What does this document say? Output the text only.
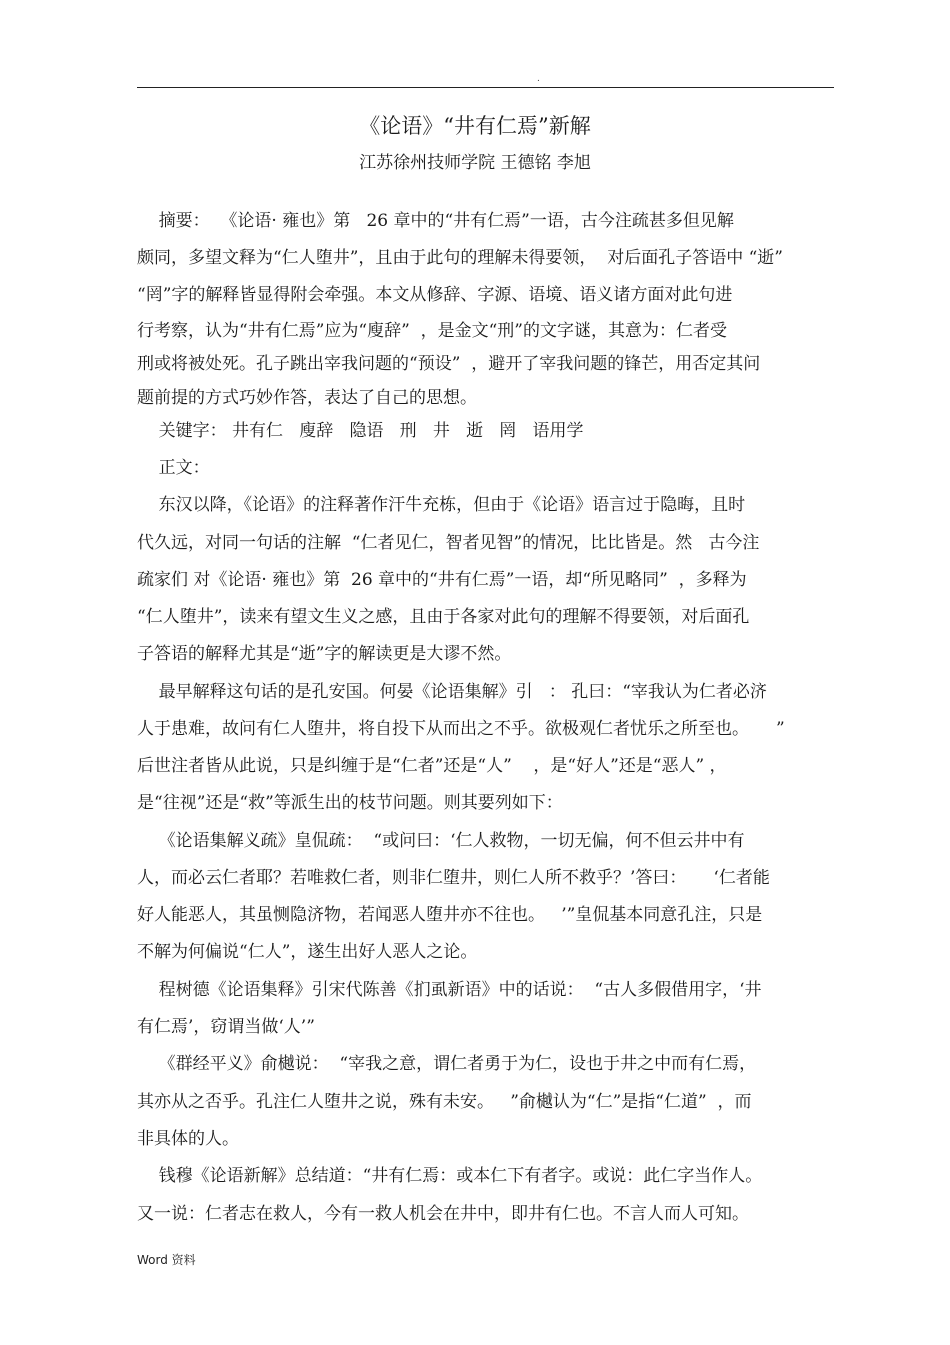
.
《论语》“井有仁焉”新解
江苏徐州技师学院 王德铭 李旭
摘要：  《论语· 雍也》第   26 章中的“井有仁焉”一语，古今注疏甚多但见解
颇同，多望文释为“仁人堕井”，且由于此句的理解未得要领，  对后面孔子答语中 “逝”
“罔”字的解释皆显得附会牵强。本文从修辞、字源、语境、语义诸方面对此句进
行考察，认为“井有仁焉”应为“廋辞”  ，是金文“刑”的文字谜，其意为：仁者受
刑或将被处死。孔子跳出宰我问题的“预设”  ，避开了宰我问题的锋芒，用否定其问
题前提的方式巧妙作答，表达了自己的思想。
关键字： 井有仁   廋辞   隐语   刑   井   逝   罔   语用学
正文：
东汉以降，《论语》的注释著作汗牛充栋，但由于《论语》语言过于隐晦，且时
代久远，对同一句话的注解  “仁者见仁，智者见智”的情况，比比皆是。然   古今注
疏家们 对《论语· 雍也》第  26 章中的“井有仁焉”一语，却“所见略同”  ，多释为
“仁人堕井”，读来有望文生义之感，且由于各家对此句的理解不得要领，对后面孔
子答语的解释尤其是“逝”字的解读更是大谬不然。
最早解释这句话的是孔安国。何晏《论语集解》引   ： 孔曰：“宰我认为仁者必济
人于患难，故问有仁人堕井，将自投下从而出之不乎。欲极观仁者忧乐之所至也。     ”
后世注者皆从此说，只是纠缠于是“仁者”还是“人”    ，是“好人”还是“恶人” ，
是“往视”还是“救”等派生出的枝节问题。则其要列如下：
《论语集解义疏》皇侃疏：  “或问曰：‘仁人救物，一切无偏，何不但云井中有
人，而必云仁者耶？若唯救仁者，则非仁堕井，则仁人所不救乎？’答曰：     ‘仁者能
好人能恶人，其虽恻隐济物，若闻恶人堕井亦不往也。   ’”皇侃基本同意孔注，只是
不解为何偏说“仁人”，遂生出好人恶人之论。
程树德《论语集释》引宋代陈善《扪虱新语》中的话说：  “古人多假借用字，‘井
有仁焉’，窃谓当做‘人’”
《群经平义》俞樾说：  “宰我之意，谓仁者勇于为仁，设也于井之中而有仁焉，
其亦从之否乎。孔注仁人堕井之说，殊有未安。   ”俞樾认为“仁”是指“仁道”  ，而
非具体的人。
钱穆《论语新解》总结道：“井有仁焉：或本仁下有者字。或说：此仁字当作人。
又一说：仁者志在救人，今有一救人机会在井中，即井有仁也。不言人而人可知。
Word 资料
